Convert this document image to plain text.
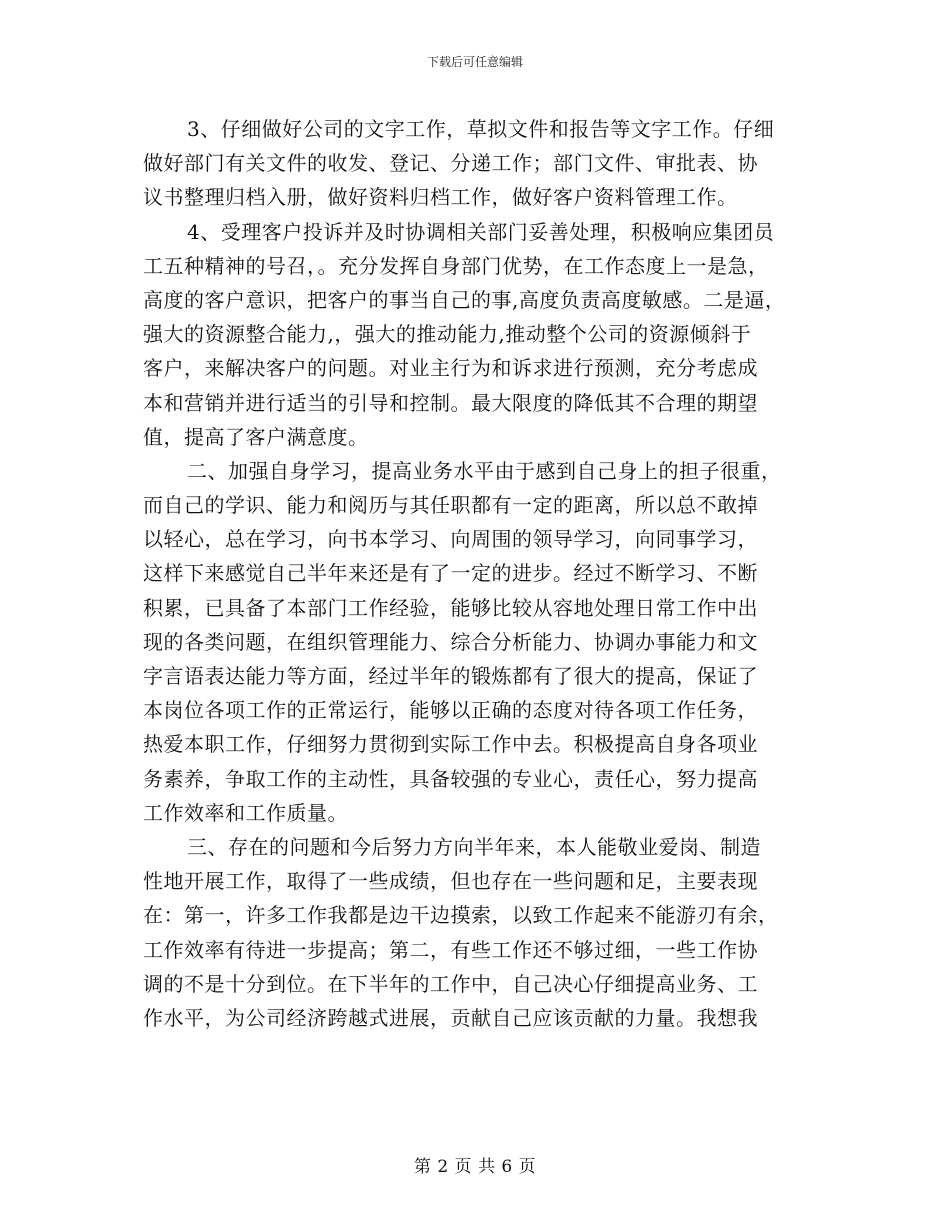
下载后可任意编辑

3、仔细做好公司的文字工作，草拟文件和报告等文字工作。仔细
做好部门有关文件的收发、登记、分递工作；部门文件、审批表、协
议书整理归档入册，做好资料归档工作，做好客户资料管理工作。

4、受理客户投诉并及时协调相关部门妥善处理，积极响应集团员
工五种精神的号召，。充分发挥自身部门优势，在工作态度上一是急，
高度的客户意识，把客户的事当自己的事,高度负责高度敏感。二是逼，
强大的资源整合能力,，强大的推动能力,推动整个公司的资源倾斜于
客户，来解决客户的问题。对业主行为和诉求进行预测，充分考虑成
本和营销并进行适当的引导和控制。最大限度的降低其不合理的期望
值，提高了客户满意度。

二、加强自身学习，提高业务水平由于感到自己身上的担子很重，
而自己的学识、能力和阅历与其任职都有一定的距离，所以总不敢掉
以轻心，总在学习，向书本学习、向周围的领导学习，向同事学习，
这样下来感觉自己半年来还是有了一定的进步。经过不断学习、不断
积累，已具备了本部门工作经验，能够比较从容地处理日常工作中出
现的各类问题，在组织管理能力、综合分析能力、协调办事能力和文
字言语表达能力等方面，经过半年的锻炼都有了很大的提高，保证了
本岗位各项工作的正常运行，能够以正确的态度对待各项工作任务，
热爱本职工作，仔细努力贯彻到实际工作中去。积极提高自身各项业
务素养，争取工作的主动性，具备较强的专业心，责任心，努力提高
工作效率和工作质量。

三、存在的问题和今后努力方向半年来，本人能敬业爱岗、制造
性地开展工作，取得了一些成绩，但也存在一些问题和足，主要表现
在：第一，许多工作我都是边干边摸索，以致工作起来不能游刃有余，
工作效率有待进一步提高；第二，有些工作还不够过细，一些工作协
调的不是十分到位。在下半年的工作中，自己决心仔细提高业务、工
作水平，为公司经济跨越式进展，贡献自己应该贡献的力量。我想我

第 2 页 共 6 页
